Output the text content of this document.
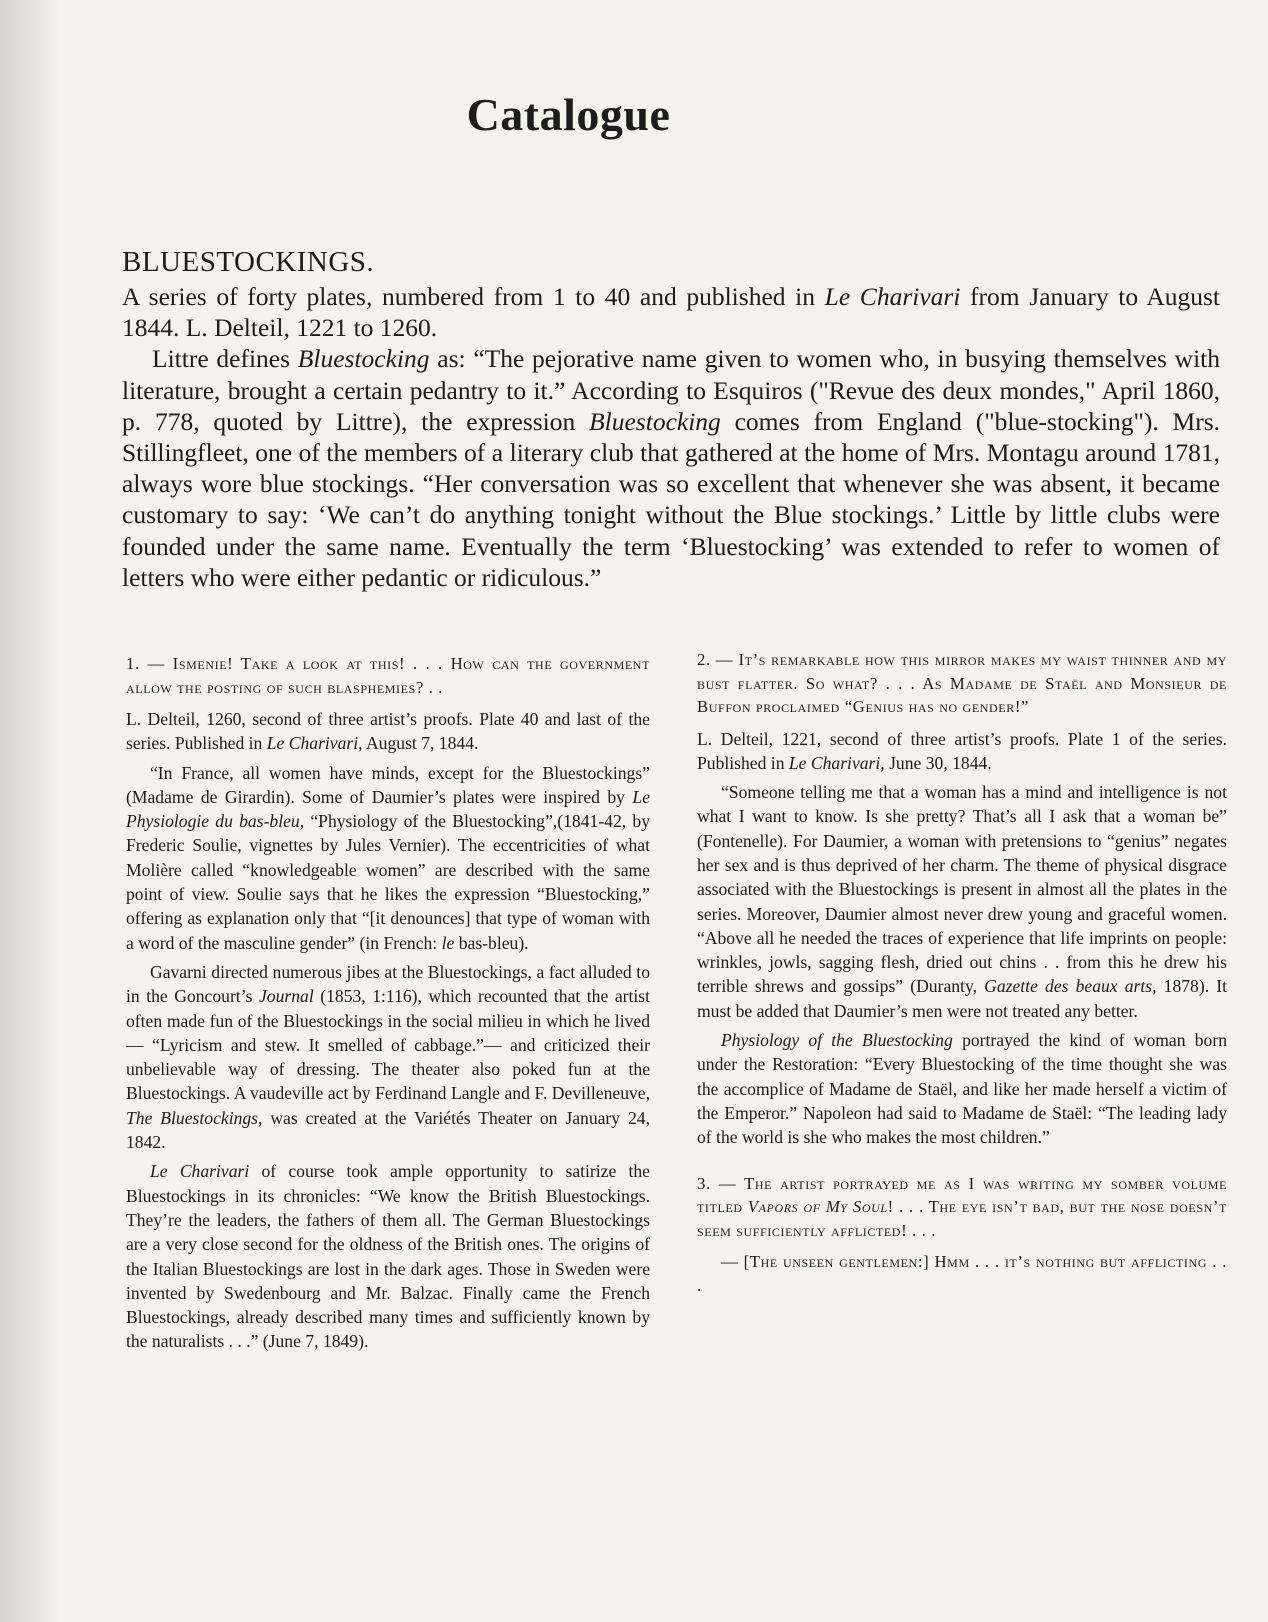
Catalogue
BLUESTOCKINGS.

A series of forty plates, numbered from 1 to 40 and published in Le Charivari from January to August 1844. L. Delteil, 1221 to 1260.

Littre defines Bluestocking as: “The pejorative name given to women who, in busying themselves with literature, brought a certain pedantry to it.” According to Esquiros ("Revue des deux mondes," April 1860, p. 778, quoted by Littre), the expression Bluestocking comes from England ("blue-stocking"). Mrs. Stillingfleet, one of the members of a literary club that gathered at the home of Mrs. Montagu around 1781, always wore blue stockings. “Her conversation was so excellent that whenever she was absent, it became customary to say: ‘We can’t do anything tonight without the Blue stockings.’ Little by little clubs were founded under the same name. Eventually the term ‘Bluestocking’ was extended to refer to women of letters who were either pedantic or ridiculous.”

1. — Ismenie! Take a look at this! . . . How can the government allow the posting of such blasphemies? . .

L. Delteil, 1260, second of three artist’s proofs. Plate 40 and last of the series. Published in Le Charivari, August 7, 1844.

“In France, all women have minds, except for the Bluestockings” (Madame de Girardin). Some of Daumier’s plates were inspired by Le Physiologie du bas-bleu, “Physiology of the Bluestocking”,(1841-42, by Frederic Soulie, vignettes by Jules Vernier). The eccentricities of what Molière called “knowledgeable women” are described with the same point of view. Soulie says that he likes the expression “Bluestocking,” offering as explanation only that “[it denounces] that type of woman with a word of the masculine gender” (in French: le bas-bleu).

Gavarni directed numerous jibes at the Bluestockings, a fact alluded to in the Goncourt’s Journal (1853, 1:116), which recounted that the artist often made fun of the Bluestockings in the social milieu in which he lived— “Lyricism and stew. It smelled of cabbage.”— and criticized their unbelievable way of dressing. The theater also poked fun at the Bluestockings. A vaudeville act by Ferdinand Langle and F. Devilleneuve, The Bluestockings, was created at the Variétés Theater on January 24, 1842.

Le Charivari of course took ample opportunity to satirize the Bluestockings in its chronicles: “We know the British Bluestockings. They’re the leaders, the fathers of them all. The German Bluestockings are a very close second for the oldness of the British ones. The origins of the Italian Bluestockings are lost in the dark ages. Those in Sweden were invented by Swedenbourg and Mr. Balzac. Finally came the French Bluestockings, already described many times and sufficiently known by the naturalists . . .” (June 7, 1849).

2. — It’s remarkable how this mirror makes my waist thinner and my bust flatter. So what? . . . As Madame de Staël and Monsieur de Buffon proclaimed “Genius has no gender!”

L. Delteil, 1221, second of three artist’s proofs. Plate 1 of the series. Published in Le Charivari, June 30, 1844.

“Someone telling me that a woman has a mind and intelligence is not what I want to know. Is she pretty? That’s all I ask that a woman be” (Fontenelle). For Daumier, a woman with pretensions to “genius” negates her sex and is thus deprived of her charm. The theme of physical disgrace associated with the Bluestockings is present in almost all the plates in the series. Moreover, Daumier almost never drew young and graceful women. “Above all he needed the traces of experience that life imprints on people: wrinkles, jowls, sagging flesh, dried out chins . . from this he drew his terrible shrews and gossips” (Duranty, Gazette des beaux arts, 1878). It must be added that Daumier’s men were not treated any better.

Physiology of the Bluestocking portrayed the kind of woman born under the Restoration: “Every Bluestocking of the time thought she was the accomplice of Madame de Staël, and like her made herself a victim of the Emperor.” Napoleon had said to Madame de Staël: “The leading lady of the world is she who makes the most children.”

3. — The artist portrayed me as I was writing my somber volume titled Vapors of My Soul! . . . The eye isn’t bad, but the nose doesn’t seem sufficiently afflicted! . . .

— [The unseen gentlemen:] Hmm . . . it’s nothing but afflicting . . .
